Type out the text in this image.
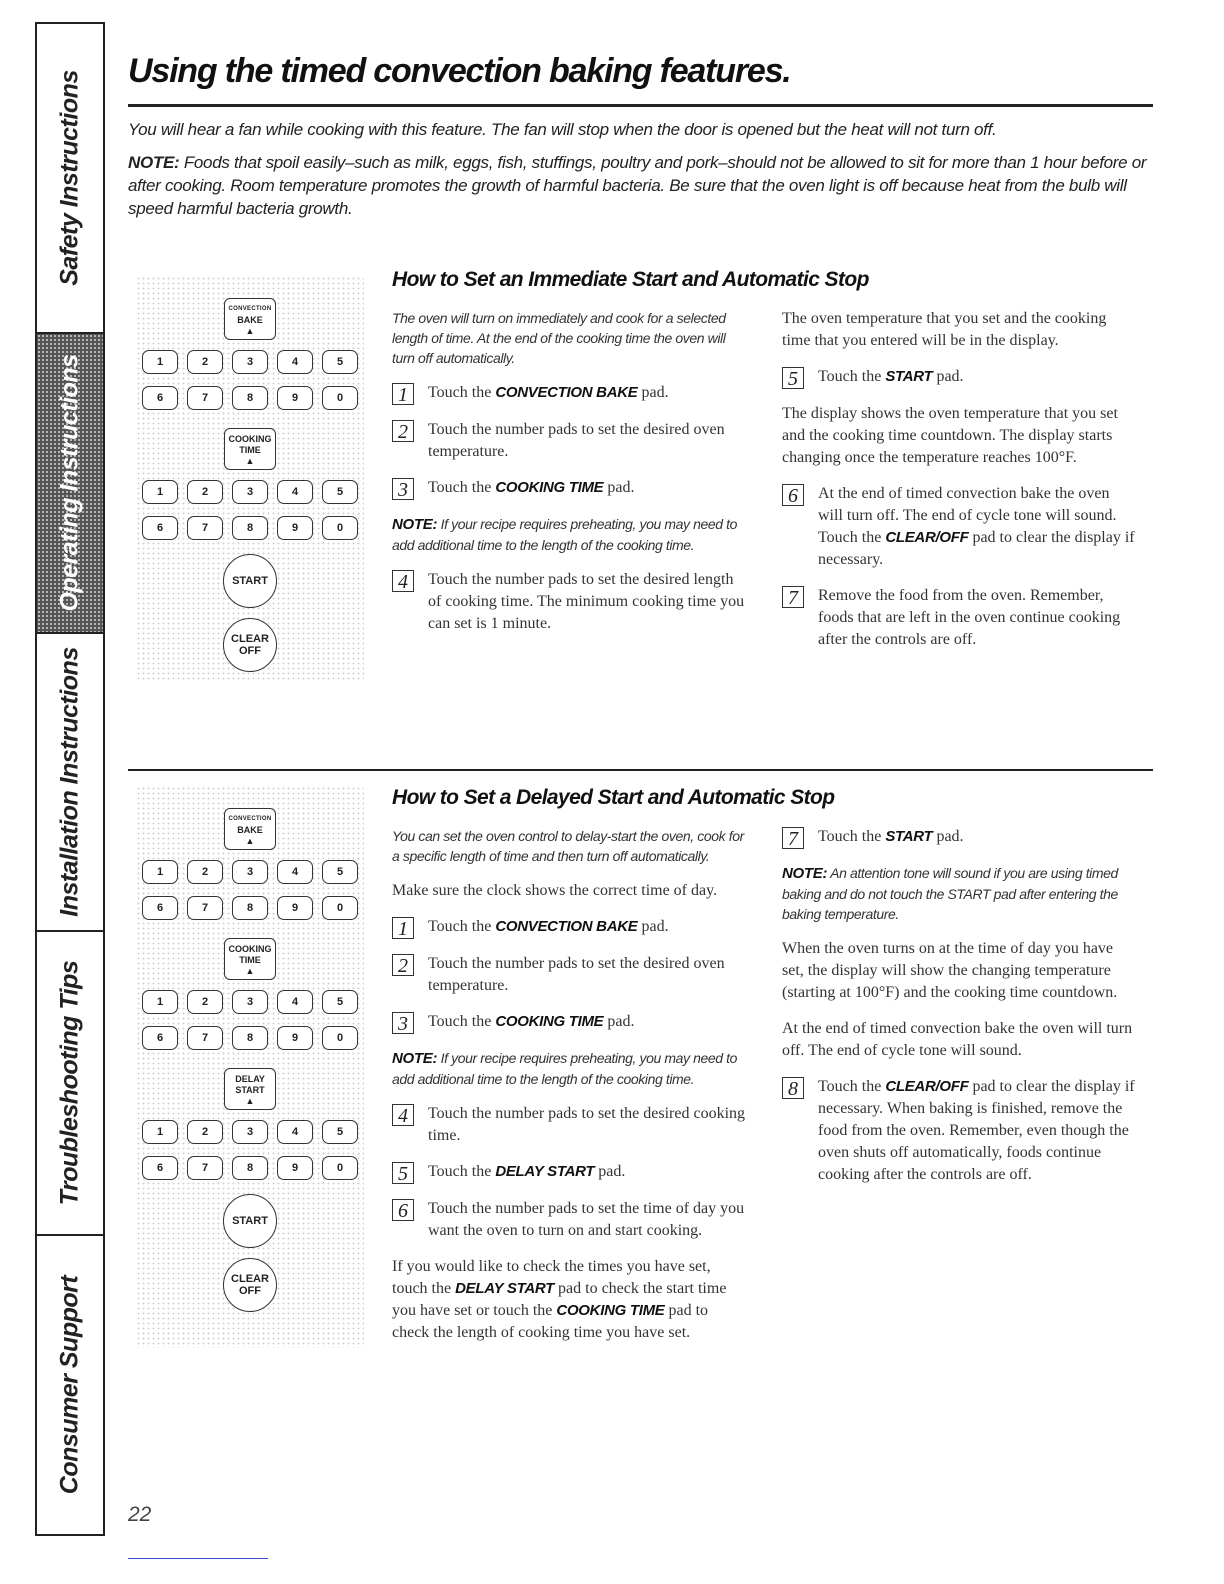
Safety Instructions
Operating Instructions
Installation Instructions
Troubleshooting Tips
Consumer Support
Using the timed convection baking features.

You will hear a fan while cooking with this feature. The fan will stop when the door is opened but the heat will not turn off.

NOTE: Foods that spoil easily–such as milk, eggs, fish, stuffings, poultry and pork–should not be allowed to sit for more than 1 hour before or after cooking. Room temperature promotes the growth of harmful bacteria. Be sure that the oven light is off because heat from the bulb will speed harmful bacteria growth.

How to Set an Immediate Start and Automatic Stop
CONVECTION
BAKE
▲
1	2	3	4	5
6	7	8	9	0
COOKING TIME
▲
1	2	3	4	5
6	7	8	9	0
START
CLEAR
OFF

The oven will turn on immediately and cook for a selected length of time. At the end of the cooking time the oven will turn off automatically.

1	Touch the CONVECTION BAKE pad.
2	Touch the number pads to set the desired oven temperature.
3	Touch the COOKING TIME pad.

NOTE: If your recipe requires preheating, you may need to add additional time to the length of the cooking time.

4	Touch the number pads to set the desired length of cooking time. The minimum cooking time you can set is 1 minute.

The oven temperature that you set and the cooking time that you entered will be in the display.

5	Touch the START pad.

The display shows the oven temperature that you set and the cooking time countdown. The display starts changing once the temperature reaches 100°F.

6	At the end of timed convection bake the oven will turn off. The end of cycle tone will sound. Touch the CLEAR/OFF pad to clear the display if necessary.
7	Remove the food from the oven. Remember, foods that are left in the oven continue cooking after the controls are off.
How to Set a Delayed Start and Automatic Stop
CONVECTION
BAKE
▲
1	2	3	4	5
6	7	8	9	0
COOKING TIME
▲
1	2	3	4	5
6	7	8	9	0
DELAY START
▲
1	2	3	4	5
6	7	8	9	0
START
CLEAR
OFF

You can set the oven control to delay-start the oven, cook for a specific length of time and then turn off automatically.

Make sure the clock shows the correct time of day.

1	Touch the CONVECTION BAKE pad.
2	Touch the number pads to set the desired oven temperature.
3	Touch the COOKING TIME pad.

NOTE: If your recipe requires preheating, you may need to add additional time to the length of the cooking time.

4	Touch the number pads to set the desired cooking time.
5	Touch the DELAY START pad.
6	Touch the number pads to set the time of day you want the oven to turn on and start cooking.

If you would like to check the times you have set, touch the DELAY START pad to check the start time you have set or touch the COOKING TIME pad to check the length of cooking time you have set.

7	Touch the START pad.

NOTE: An attention tone will sound if you are using timed baking and do not touch the START pad after entering the baking temperature.

When the oven turns on at the time of day you have set, the display will show the changing temperature (starting at 100°F) and the cooking time countdown.

At the end of timed convection bake the oven will turn off. The end of cycle tone will sound.

8	Touch the CLEAR/OFF pad to clear the display if necessary. When baking is finished, remove the food from the oven. Remember, even though the oven shuts off automatically, foods continue cooking after the controls are off.
22
